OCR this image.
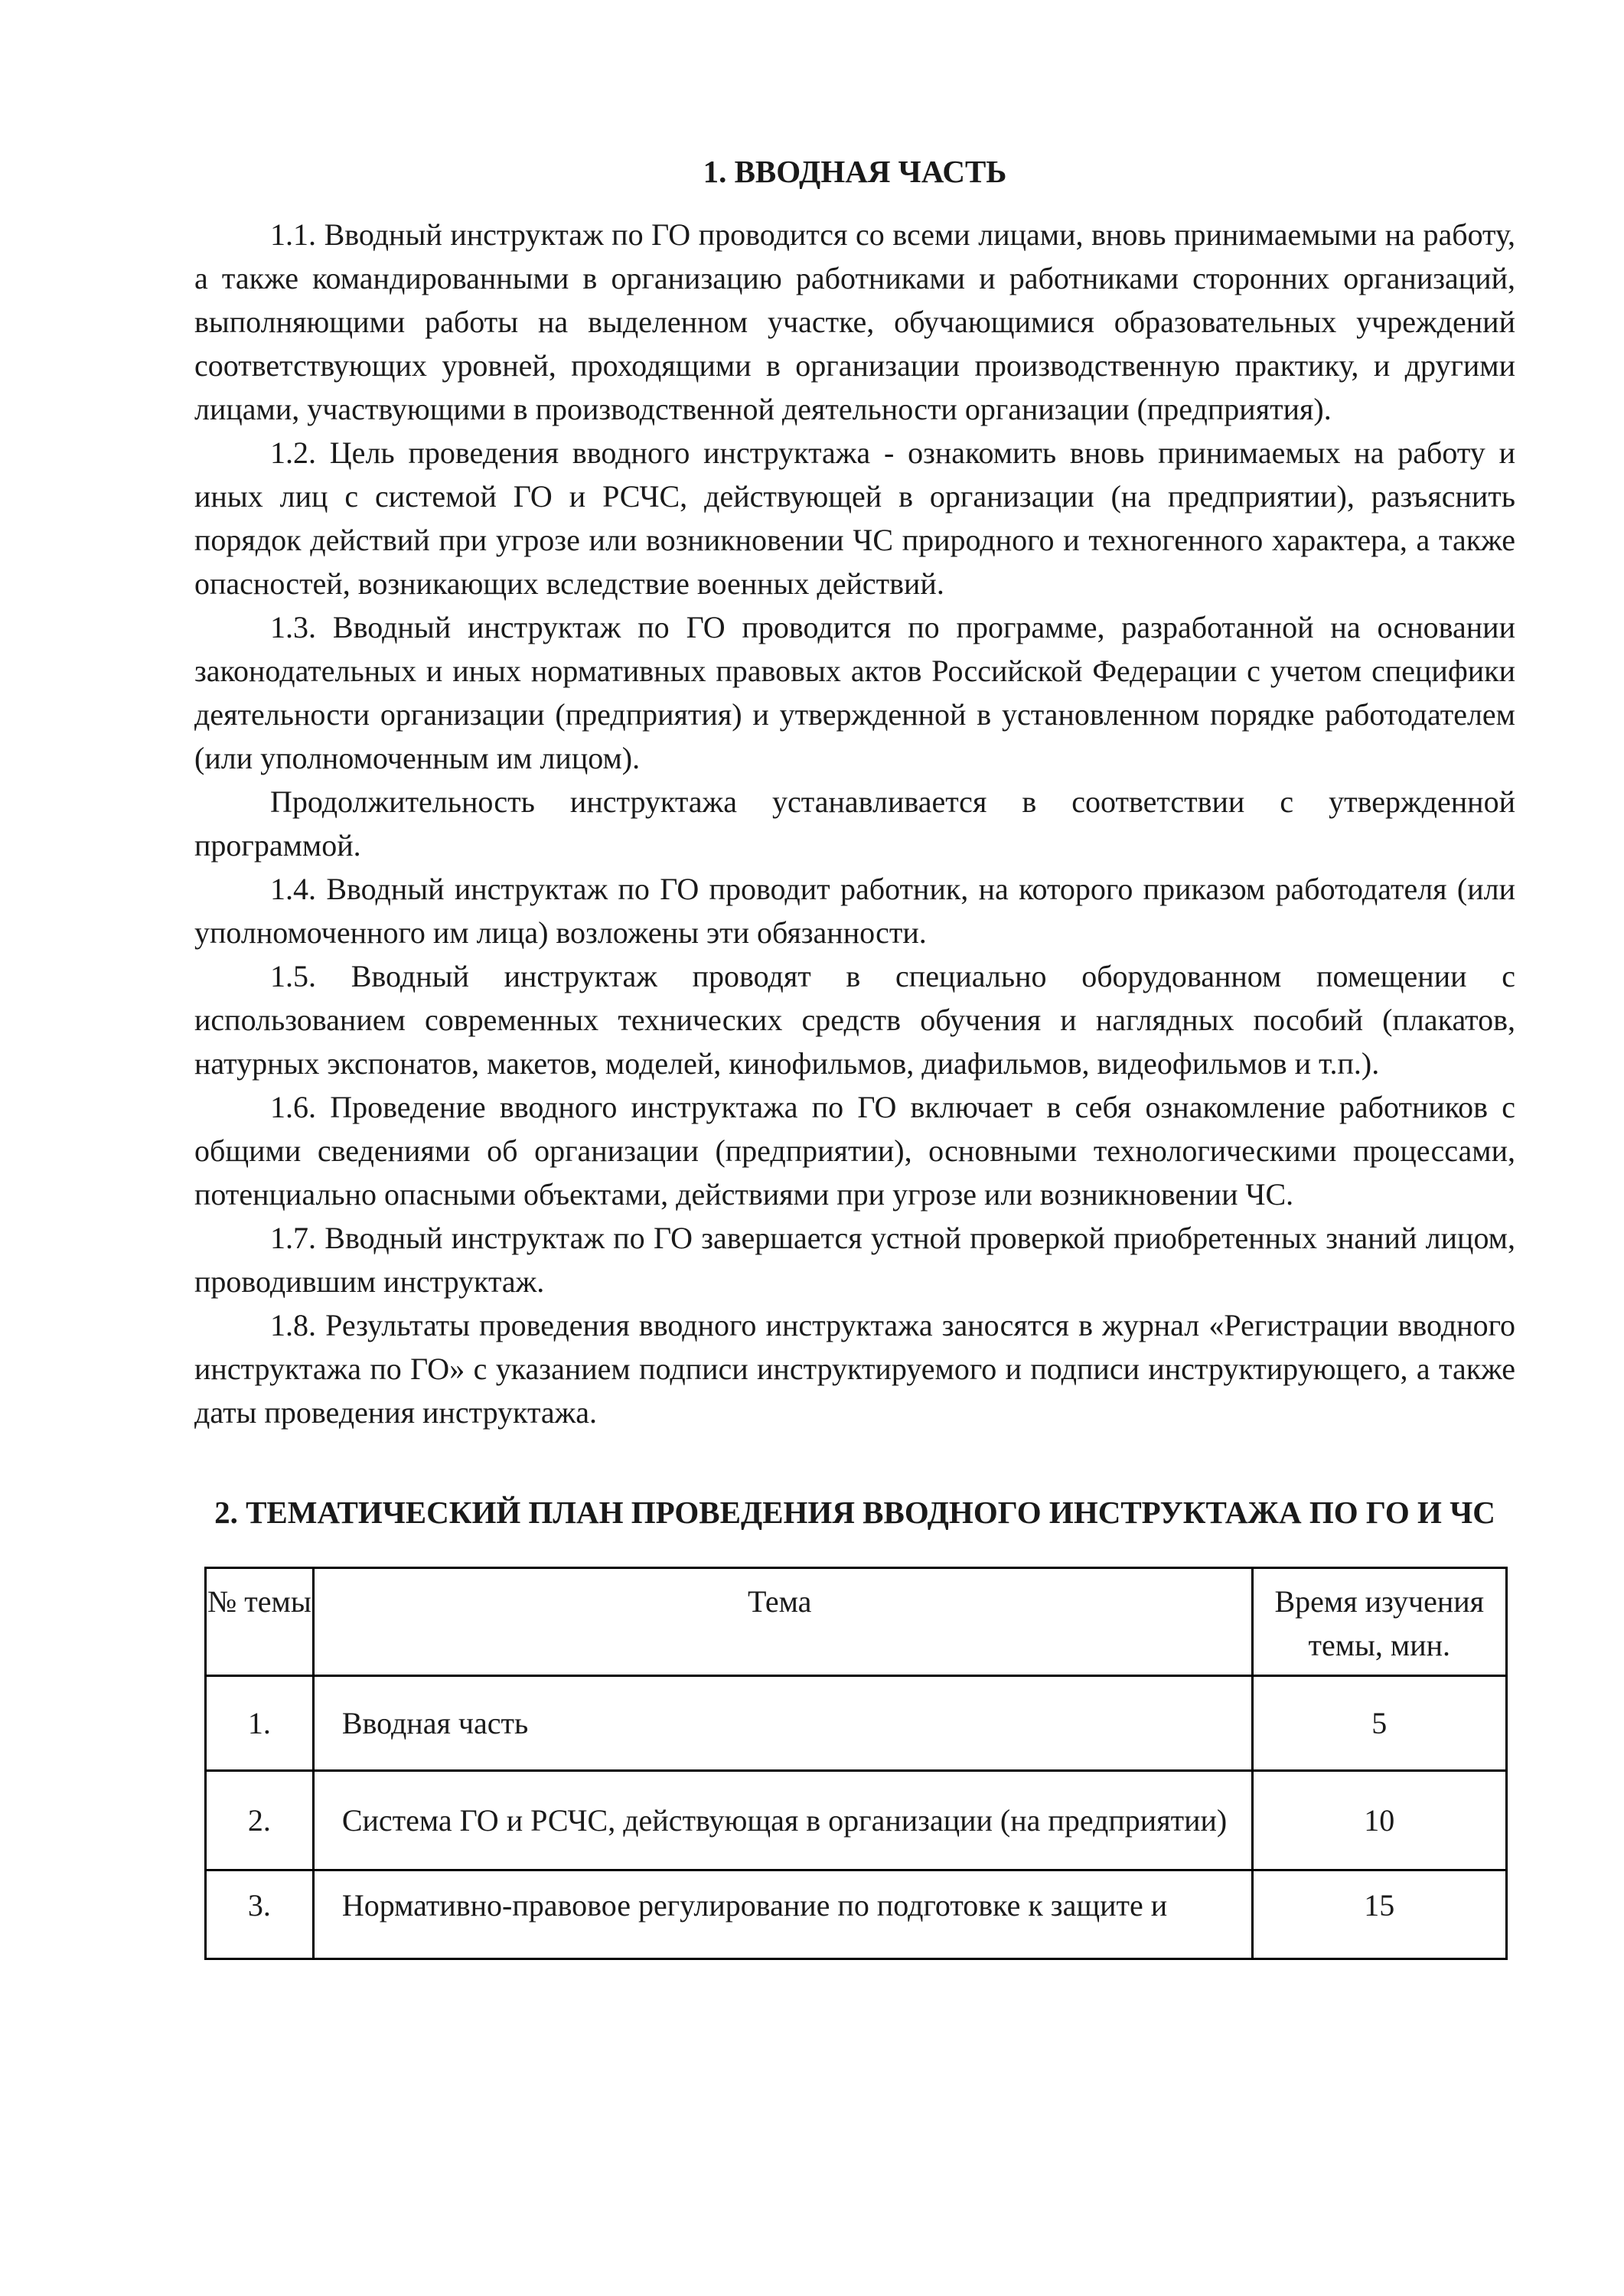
1. ВВОДНАЯ ЧАСТЬ

1.1. Вводный инструктаж по ГО проводится со всеми лицами, вновь принимаемыми на работу, а также командированными в организацию работниками и работниками сторонних организаций, выполняющими работы на выделенном участке, обучающимися образовательных учреждений соответствующих уровней, проходящими в организации производственную практику, и другими лицами, участвующими в производственной деятельности организации (предприятия).

1.2. Цель проведения вводного инструктажа - ознакомить вновь принимаемых на работу и иных лиц с системой ГО и РСЧС, действующей в организации (на предприятии), разъяснить порядок действий при угрозе или возникновении ЧС природного и техногенного характера, а также опасностей, возникающих вследствие военных действий.

1.3. Вводный инструктаж по ГО проводится по программе, разработанной на основании законодательных и иных нормативных правовых актов Российской Федерации с учетом специфики деятельности организации (предприятия) и утвержденной в установленном порядке работодателем (или уполномоченным им лицом).

Продолжительность инструктажа устанавливается в соответствии с утвержденной программой.

1.4. Вводный инструктаж по ГО проводит работник, на которого приказом работодателя (или уполномоченного им лица) возложены эти обязанности.

1.5. Вводный инструктаж проводят в специально оборудованном помещении с использованием современных технических средств обучения и наглядных пособий (плакатов, натурных экспонатов, макетов, моделей, кинофильмов, диафильмов, видеофильмов и т.п.).

1.6. Проведение вводного инструктажа по ГО включает в себя ознакомление работников с общими сведениями об организации (предприятии), основными технологическими процессами, потенциально опасными объектами, действиями при угрозе или возникновении ЧС.

1.7. Вводный инструктаж по ГО завершается устной проверкой приобретенных знаний лицом, проводившим инструктаж.

1.8. Результаты проведения вводного инструктажа заносятся в журнал «Регистрации вводного инструктажа по ГО» с указанием подписи инструктируемого и подписи инструктирующего, а также даты проведения инструктажа.

2. ТЕМАТИЧЕСКИЙ ПЛАН ПРОВЕДЕНИЯ ВВОДНОГО ИНСТРУКТАЖА ПО ГО И ЧС
№ темы	Тема	Время изучения темы, мин.
1.	Вводная часть	5
2.	Система ГО и РСЧС, действующая в организации (на предприятии)	10
3.	Нормативно-правовое регулирование по подготовке к защите и	15
